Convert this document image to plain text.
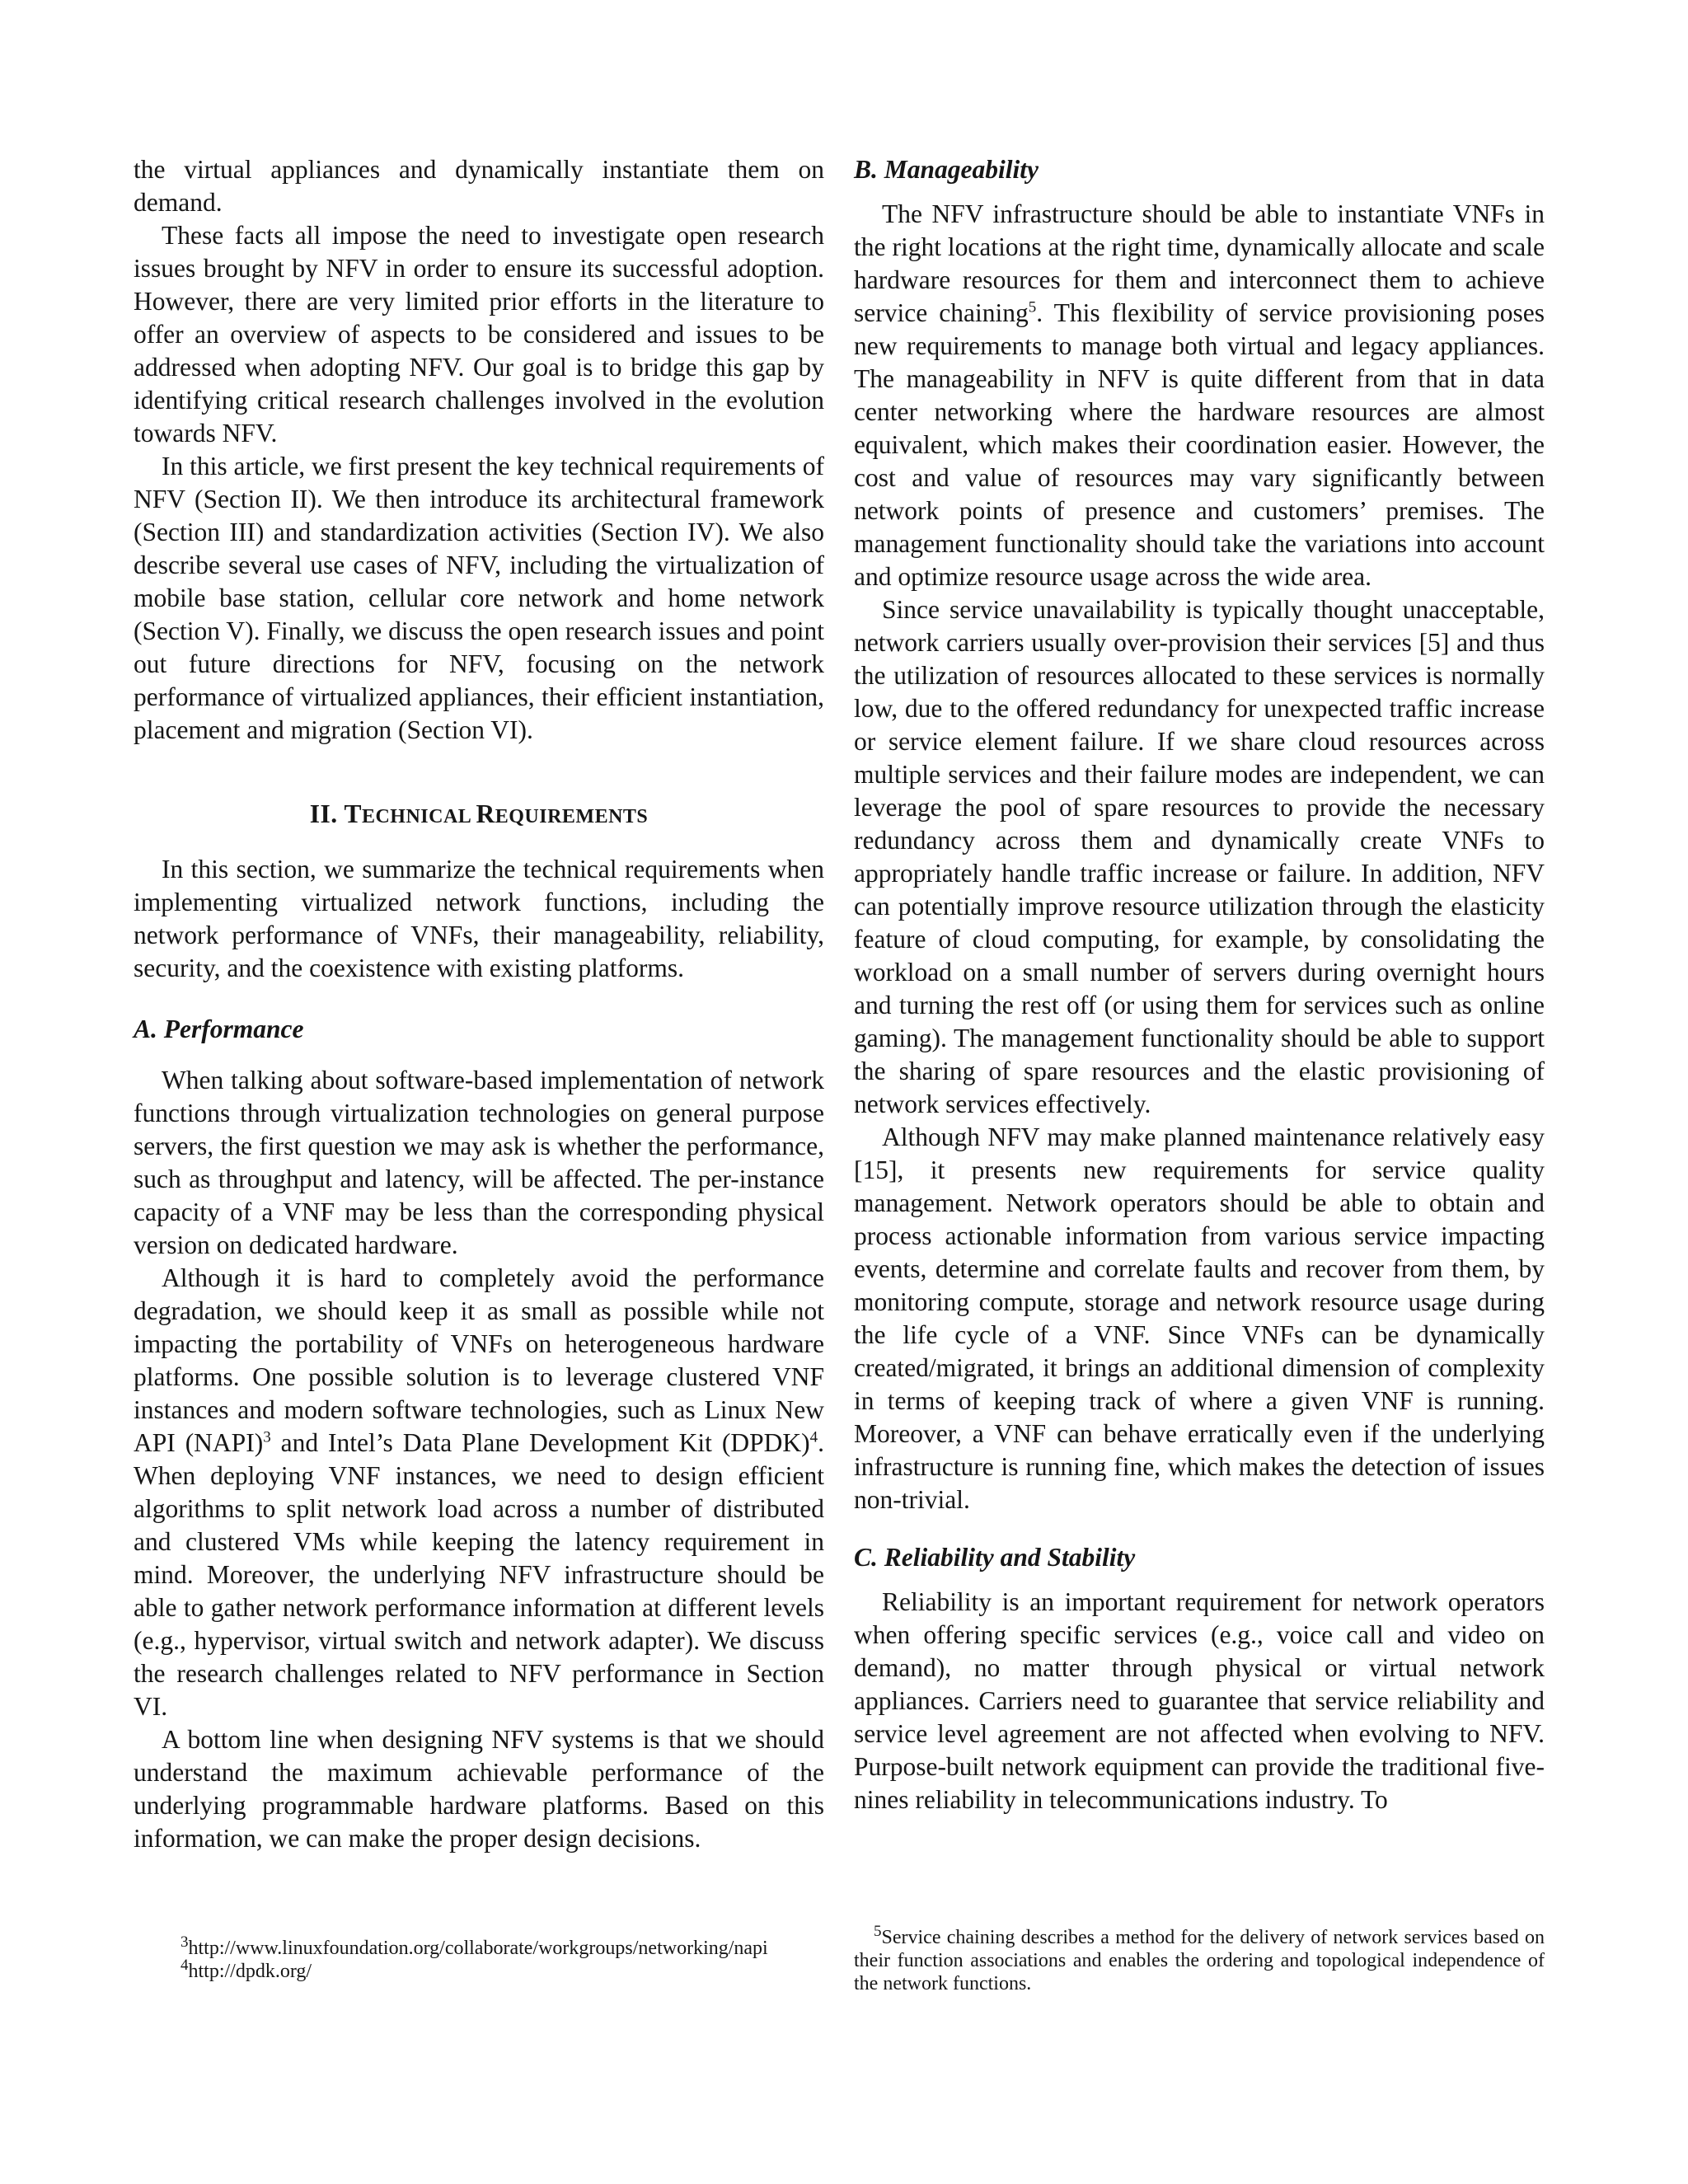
the virtual appliances and dynamically instantiate them on demand.

These facts all impose the need to investigate open research issues brought by NFV in order to ensure its successful adoption. However, there are very limited prior efforts in the literature to offer an overview of aspects to be considered and issues to be addressed when adopting NFV. Our goal is to bridge this gap by identifying critical research challenges involved in the evolution towards NFV.

In this article, we first present the key technical requirements of NFV (Section II). We then introduce its architectural framework (Section III) and standardization activities (Section IV). We also describe several use cases of NFV, including the virtualization of mobile base station, cellular core network and home network (Section V). Finally, we discuss the open research issues and point out future directions for NFV, focusing on the network performance of virtualized appliances, their efficient instantiation, placement and migration (Section VI).

II. TECHNICAL REQUIREMENTS

In this section, we summarize the technical requirements when implementing virtualized network functions, including the network performance of VNFs, their manageability, reliability, security, and the coexistence with existing platforms.

A. Performance

When talking about software-based implementation of network functions through virtualization technologies on general purpose servers, the first question we may ask is whether the performance, such as throughput and latency, will be affected. The per-instance capacity of a VNF may be less than the corresponding physical version on dedicated hardware.

Although it is hard to completely avoid the performance degradation, we should keep it as small as possible while not impacting the portability of VNFs on heterogeneous hardware platforms. One possible solution is to leverage clustered VNF instances and modern software technologies, such as Linux New API (NAPI)$^3$ and Intel’s Data Plane Development Kit (DPDK)$^4$. When deploying VNF instances, we need to design efficient algorithms to split network load across a number of distributed and clustered VMs while keeping the latency requirement in mind. Moreover, the underlying NFV infrastructure should be able to gather network performance information at different levels (e.g., hypervisor, virtual switch and network adapter). We discuss the research challenges related to NFV performance in Section VI.

A bottom line when designing NFV systems is that we should understand the maximum achievable performance of the underlying programmable hardware platforms. Based on this information, we can make the proper design decisions.

$^3$http://www.linuxfoundation.org/collaborate/workgroups/networking/napi

$^4$http://dpdk.org/

B. Manageability

The NFV infrastructure should be able to instantiate VNFs in the right locations at the right time, dynamically allocate and scale hardware resources for them and interconnect them to achieve service chaining$^5$. This flexibility of service provisioning poses new requirements to manage both virtual and legacy appliances. The manageability in NFV is quite different from that in data center networking where the hardware resources are almost equivalent, which makes their coordination easier. However, the cost and value of resources may vary significantly between network points of presence and customers’ premises. The management functionality should take the variations into account and optimize resource usage across the wide area.

Since service unavailability is typically thought unacceptable, network carriers usually over-provision their services [5] and thus the utilization of resources allocated to these services is normally low, due to the offered redundancy for unexpected traffic increase or service element failure. If we share cloud resources across multiple services and their failure modes are independent, we can leverage the pool of spare resources to provide the necessary redundancy across them and dynamically create VNFs to appropriately handle traffic increase or failure. In addition, NFV can potentially improve resource utilization through the elasticity feature of cloud computing, for example, by consolidating the workload on a small number of servers during overnight hours and turning the rest off (or using them for services such as online gaming). The management functionality should be able to support the sharing of spare resources and the elastic provisioning of network services effectively.

Although NFV may make planned maintenance relatively easy [15], it presents new requirements for service quality management. Network operators should be able to obtain and process actionable information from various service impacting events, determine and correlate faults and recover from them, by monitoring compute, storage and network resource usage during the life cycle of a VNF. Since VNFs can be dynamically created/migrated, it brings an additional dimension of complexity in terms of keeping track of where a given VNF is running. Moreover, a VNF can behave erratically even if the underlying infrastructure is running fine, which makes the detection of issues non-trivial.

C. Reliability and Stability

Reliability is an important requirement for network operators when offering specific services (e.g., voice call and video on demand), no matter through physical or virtual network appliances. Carriers need to guarantee that service reliability and service level agreement are not affected when evolving to NFV. Purpose-built network equipment can provide the traditional five-nines reliability in telecommunications industry. To

$^5$Service chaining describes a method for the delivery of network services based on their function associations and enables the ordering and topological independence of the network functions.
